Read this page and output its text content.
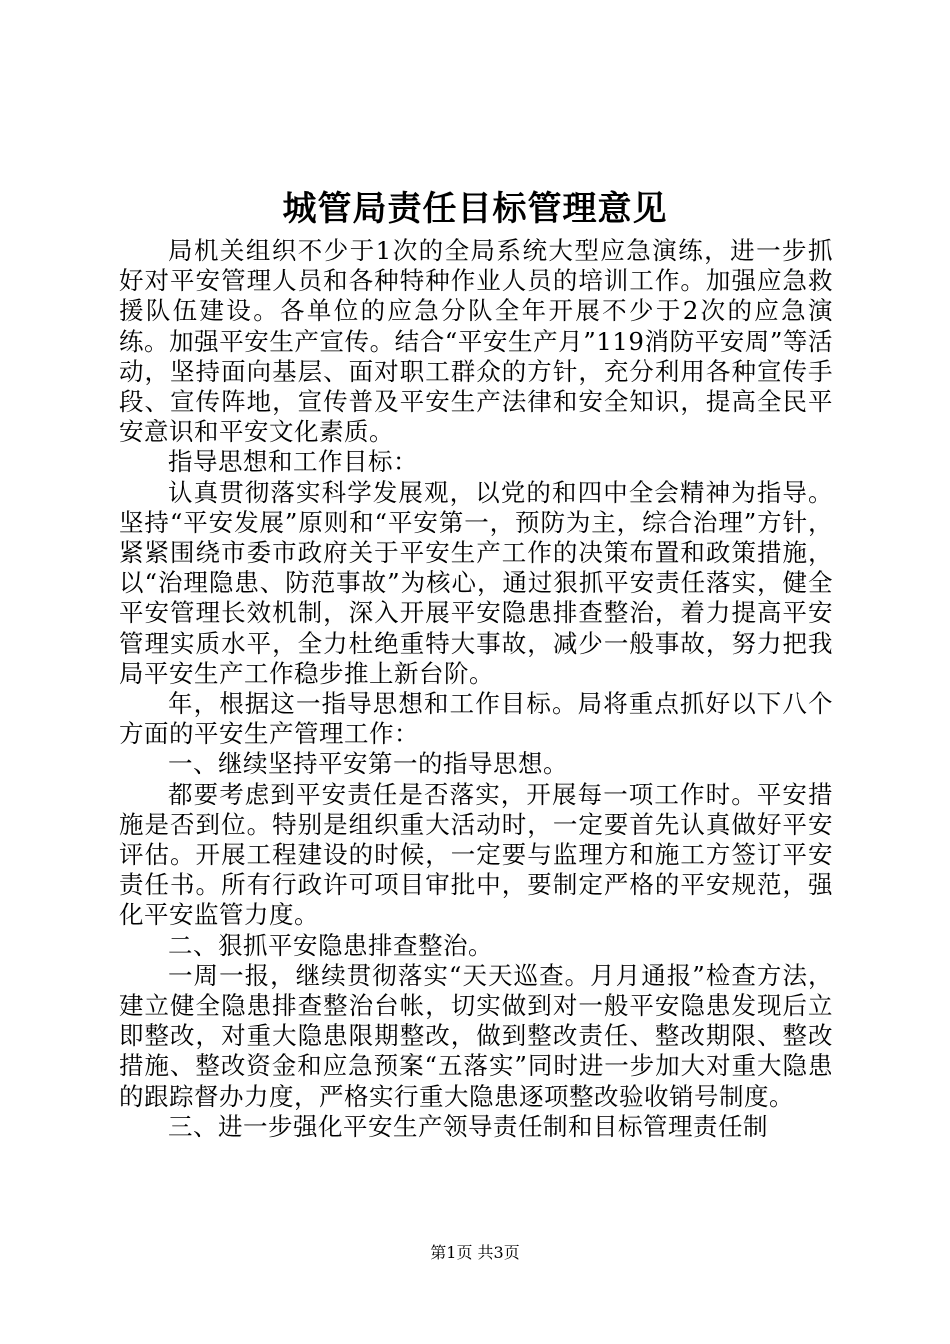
城管局责任目标管理意见

局机关组织不少于1次的全局系统大型应急演练，进一步抓好对平安管理人员和各种特种作业人员的培训工作。加强应急救援队伍建设。各单位的应急分队全年开展不少于2次的应急演练。加强平安生产宣传。结合“平安生产月”119消防平安周”等活动，坚持面向基层、面对职工群众的方针，充分利用各种宣传手段、宣传阵地，宣传普及平安生产法律和安全知识，提高全民平安意识和平安文化素质。

指导思想和工作目标：

认真贯彻落实科学发展观，以党的和四中全会精神为指导。坚持“平安发展”原则和“平安第一，预防为主，综合治理”方针，紧紧围绕市委市政府关于平安生产工作的决策布置和政策措施，以“治理隐患、防范事故”为核心，通过狠抓平安责任落实，健全平安管理长效机制，深入开展平安隐患排查整治，着力提高平安管理实质水平，全力杜绝重特大事故，减少一般事故，努力把我局平安生产工作稳步推上新台阶。

年，根据这一指导思想和工作目标。局将重点抓好以下八个方面的平安生产管理工作：

一、继续坚持平安第一的指导思想。

都要考虑到平安责任是否落实，开展每一项工作时。平安措施是否到位。特别是组织重大活动时，一定要首先认真做好平安评估。开展工程建设的时候，一定要与监理方和施工方签订平安责任书。所有行政许可项目审批中，要制定严格的平安规范，强化平安监管力度。

二、狠抓平安隐患排查整治。

一周一报，继续贯彻落实“天天巡查。月月通报”检查方法，建立健全隐患排查整治台帐，切实做到对一般平安隐患发现后立即整改，对重大隐患限期整改，做到整改责任、整改期限、整改措施、整改资金和应急预案“五落实”同时进一步加大对重大隐患的跟踪督办力度，严格实行重大隐患逐项整改验收销号制度。

三、进一步强化平安生产领导责任制和目标管理责任制

第1页 共3页
